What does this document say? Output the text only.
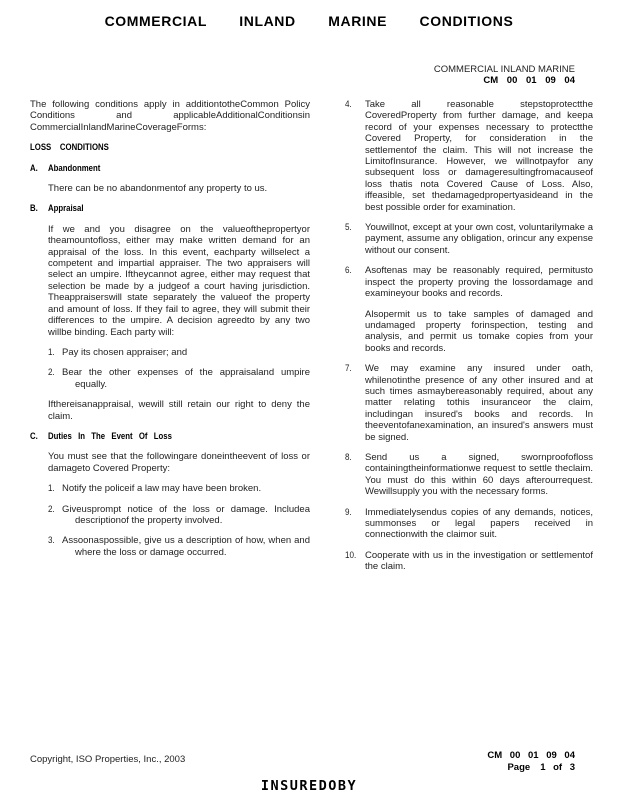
COMMERCIAL INLAND MARINE CONDITIONS
COMMERCIAL INLAND MARINE
CM 00 01 09 04

The following conditions apply in additiontotheCommon Policy Conditions and applicableAdditionalConditionsin CommercialInlandMarineCoverageForms:

LOSS CONDITIONS
A. Abandonment

There can be no abandonmentof any property to us.

B. Appraisal

If we and you disagree on the valueofthepropertyor theamountofloss, either may make written demand for an appraisal of the loss. In this event, eachparty willselect a competent and impartial appraiser. The two appraisers will select an umpire. Iftheycannot agree, either may request that selection be made by a judgeof a court having jurisdiction. Theappraiserswill state separately the valueof the property and amount of loss. If they fail to agree, they will submit their differences to the umpire. A decision agreedto by any two willbe binding. Each party will:

1. Pay its chosen appraiser; and

2. Bear the other expenses of the appraisaland umpire equally.

Ifthereisanappraisal, wewill still retain our right to deny the claim.

C. Duties In The Event Of Loss

You must see that the followingare doneintheevent of loss or damageto Covered Property:

1. Notify the policeif a law may have been broken.

2. Giveusprompt notice of the loss or damage. Includea descriptionof the property involved.

3. Assoonaspossible, give us a description of how, when and where the loss or damage occurred.

4. Take all reasonable stepstoprotectthe CoveredProperty from further damage, and keepa record of your expenses necessary to protectthe Covered Property, for consideration in the settlementof the claim. This will not increase the LimitofInsurance. However, we willnotpayfor any subsequent loss or damageresultingfromacauseof loss thatis nota Covered Cause of Loss. Also, iffeasible, set thedamagedpropertyasideand in the best possible order for examination.

5. Youwillnot, except at your own cost, voluntarilymake a payment, assume any obligation, orincur any expense without our consent.

6. Asoftenas may be reasonably required, permitusto inspect the property proving the lossordamage and examineyour books and records.

Alsopermit us to take samples of damaged and undamaged property forinspection, testing and analysis, and permit us tomake copies from your books and records.

7. We may examine any insured under oath, whilenotinthe presence of any other insured and at such times asmaybereasonably required, about any matter relating tothis insuranceor the claim, includingan insured's books and records. In theeventofanexamination, an insured's answers must be signed.

8. Send us a signed, swornproofofloss containingtheinformationwe request to settle theclaim. You must do this within 60 days afterourrequest. Wewillsupply you with the necessary forms.

9. Immediatelysendus copies of any demands, notices, summonses or legal papers received in connectionwith the claimor suit.

10. Cooperate with us in the investigation or settlementof the claim.

Copyright, ISO Properties, Inc., 2003	CM 00 01 09 04
Page 1 of 3
INSUREDOBY
